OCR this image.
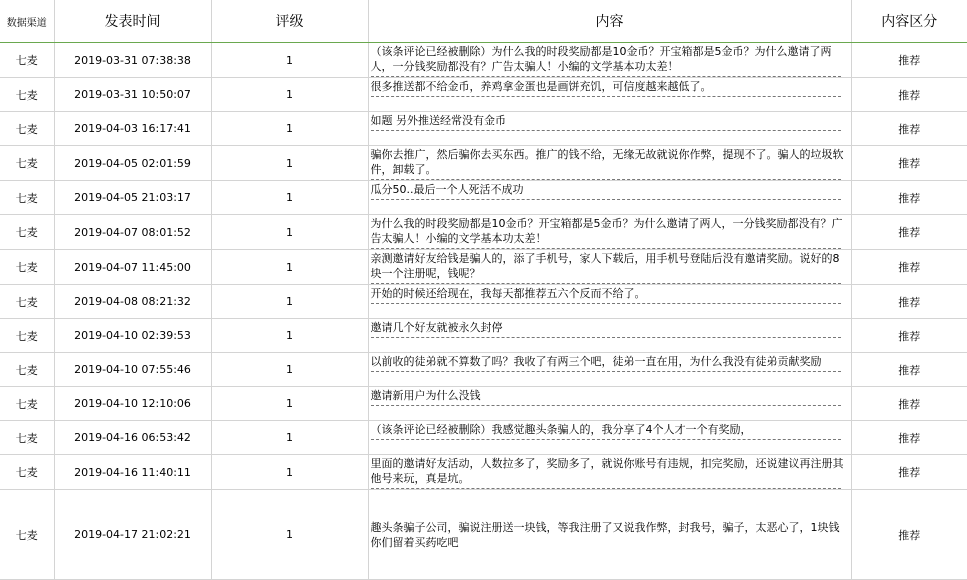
数据渠道	发表时间	评级	内容	内容区分
七麦	2019-03-31 07:38:38	1	（该条评论已经被删除）为什么我的时段奖励都是10金币？开宝箱都是5金币？为什么邀请了两人，一分钱奖励都没有？广告太骗人！小编的文学基本功太差！	推荐
七麦	2019-03-31 10:50:07	1	很多推送都不给金币，养鸡拿金蛋也是画饼充饥，可信度越来越低了。	推荐
七麦	2019-04-03 16:17:41	1	如题 另外推送经常没有金币	推荐
七麦	2019-04-05 02:01:59	1	骗你去推广，然后骗你去买东西。推广的钱不给，无缘无故就说你作弊，提现不了。骗人的垃圾软件，卸载了。	推荐
七麦	2019-04-05 21:03:17	1	瓜分50..最后一个人死活不成功	推荐
七麦	2019-04-07 08:01:52	1	为什么我的时段奖励都是10金币？开宝箱都是5金币？为什么邀请了两人，一分钱奖励都没有？广告太骗人！小编的文学基本功太差！	推荐
七麦	2019-04-07 11:45:00	1	亲测邀请好友给钱是骗人的，添了手机号，家人下载后，用手机号登陆后没有邀请奖励。说好的8块一个注册呢，钱呢？	推荐
七麦	2019-04-08 08:21:32	1	开始的时候还给现在，我每天都推荐五六个反而不给了。	推荐
七麦	2019-04-10 02:39:53	1	邀请几个好友就被永久封停	推荐
七麦	2019-04-10 07:55:46	1	以前收的徒弟就不算数了吗？我收了有两三个吧，徒弟一直在用，为什么我没有徒弟贡献奖励	推荐
七麦	2019-04-10 12:10:06	1	邀请新用户为什么没钱	推荐
七麦	2019-04-16 06:53:42	1	（该条评论已经被删除）我感觉趣头条骗人的，我分享了4个人才一个有奖励，	推荐
七麦	2019-04-16 11:40:11	1	里面的邀请好友活动，人数拉多了，奖励多了，就说你账号有违规，扣完奖励，还说建议再注册其他号来玩，真是坑。	推荐
七麦	2019-04-17 21:02:21	1	趣头条骗子公司，骗说注册送一块钱，等我注册了又说我作弊，封我号，骗子，太恶心了，1块钱你们留着买药吃吧	推荐
